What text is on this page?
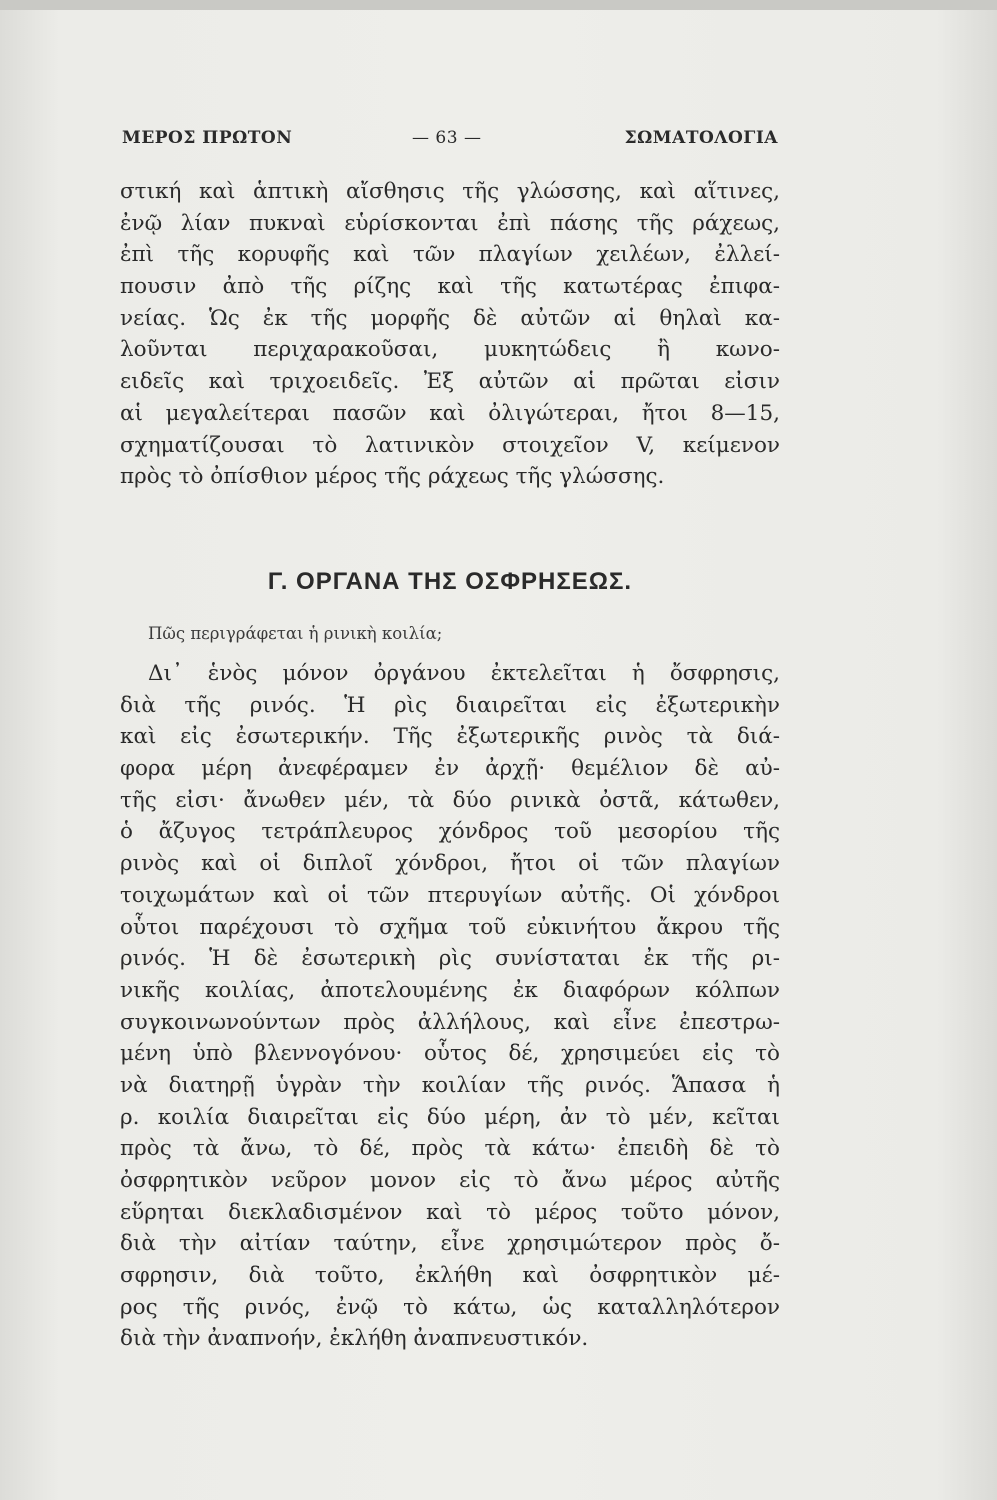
ΜΕΡΟΣ ΠΡΩΤΟΝ	— 63 —	ΣΩΜΑΤΟΛΟΓΙΑ
στική καὶ ἁπτικὴ αἴσθησις τῆς γλώσσης, καὶ αἵτινες,
ἐνῷ λίαν πυκναὶ εὑρίσκονται ἐπὶ πάσης τῆς ράχεως,
ἐπὶ τῆς κορυφῆς καὶ τῶν πλαγίων χειλέων, ἐλλεί-
πουσιν ἀπὸ τῆς ρίζης καὶ τῆς κατωτέρας ἐπιφα-
νείας. Ὡς ἐκ τῆς μορφῆς δὲ αὐτῶν αἱ θηλαὶ κα-
λοῦνται περιχαρακοῦσαι, μυκητώδεις ἢ κωνο-
ειδεῖς καὶ τριχοειδεῖς. Ἐξ αὐτῶν αἱ πρῶται εἰσιν
αἱ μεγαλείτεραι πασῶν καὶ ὀλιγώτεραι, ἤτοι 8—15,
σχηματίζουσαι τὸ λατινικὸν στοιχεῖον V, κείμενον
πρὸς τὸ ὀπίσθιον μέρος τῆς ράχεως τῆς γλώσσης.
Γ. ΟΡΓΑΝΑ ΤΗΣ ΟΣΦΡΗΣΕΩΣ.
Πῶς περιγράφεται ἡ ρινικὴ κοιλία;
Δι᾽ ἑνὸς μόνον ὀργάνου ἐκτελεῖται ἡ ὄσφρησις,
διὰ τῆς ρινός. Ἡ ρὶς διαιρεῖται εἰς ἐξωτερικὴν
καὶ εἰς ἐσωτερικήν. Τῆς ἐξωτερικῆς ρινὸς τὰ διά-
φορα μέρη ἀνεφέραμεν ἐν ἀρχῇ· θεμέλιον δὲ αὐ-
τῆς εἰσι· ἄνωθεν μέν, τὰ δύο ρινικὰ ὀστᾶ, κάτωθεν,
ὁ ἄζυγος τετράπλευρος χόνδρος τοῦ μεσορίου τῆς
ρινὸς καὶ οἱ διπλοῖ χόνδροι, ἤτοι οἱ τῶν πλαγίων
τοιχωμάτων καὶ οἱ τῶν πτερυγίων αὐτῆς. Οἱ χόνδροι
οὗτοι παρέχουσι τὸ σχῆμα τοῦ εὐκινήτου ἄκρου τῆς
ρινός. Ἡ δὲ ἐσωτερικὴ ρὶς συνίσταται ἐκ τῆς ρι-
νικῆς κοιλίας, ἀποτελουμένης ἐκ διαφόρων κόλπων
συγκοινωνούντων πρὸς ἀλλήλους, καὶ εἶνε ἐπεστρω-
μένη ὑπὸ βλεννογόνου· οὗτος δέ, χρησιμεύει εἰς τὸ
νὰ διατηρῇ ὑγρὰν τὴν κοιλίαν τῆς ρινός. Ἅπασα ἡ
ρ. κοιλία διαιρεῖται εἰς δύο μέρη, ἀν τὸ μέν, κεῖται
πρὸς τὰ ἄνω, τὸ δέ, πρὸς τὰ κάτω· ἐπειδὴ δὲ τὸ
ὀσφρητικὸν νεῦρον μονον εἰς τὸ ἄνω μέρος αὐτῆς
εὕρηται διεκλαδισμένον καὶ τὸ μέρος τοῦτο μόνον,
διὰ τὴν αἰτίαν ταύτην, εἶνε χρησιμώτερον πρὸς ὄ-
σφρησιν, διὰ τοῦτο, ἐκλήθη καὶ ὀσφρητικὸν μέ-
ρος τῆς ρινός, ἐνῷ τὸ κάτω, ὡς καταλληλότερον
διὰ τὴν ἀναπνοήν, ἐκλήθη ἀναπνευστικόν.
